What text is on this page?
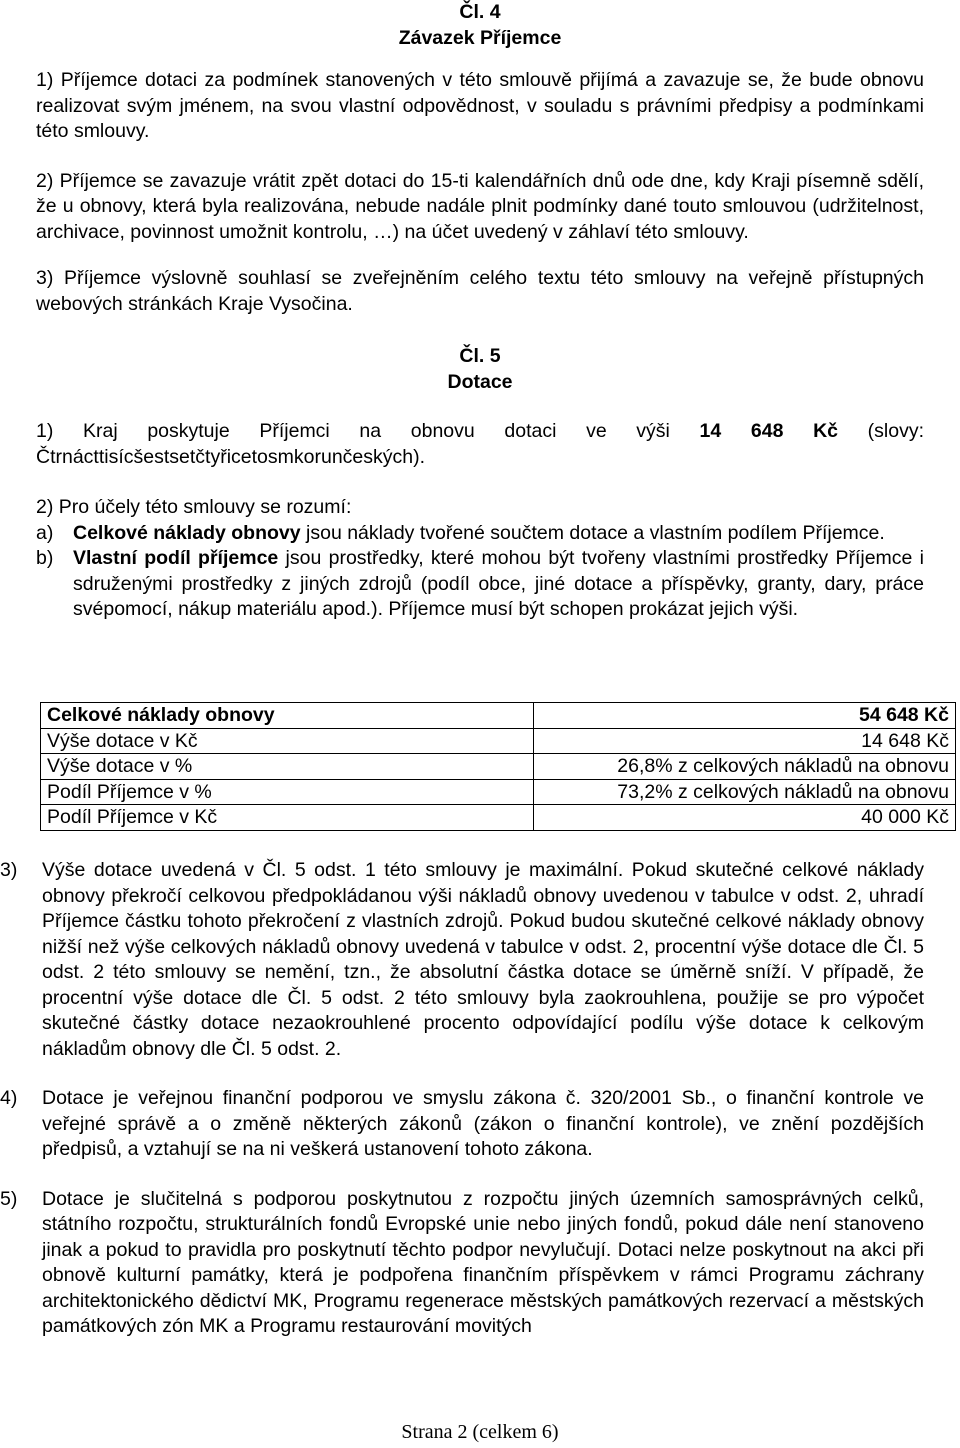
Čl. 4
Závazek Příjemce

1) Příjemce dotaci za podmínek stanovených v této smlouvě přijímá a zavazuje se, že bude obnovu realizovat svým jménem, na svou vlastní odpovědnost, v souladu s právními předpisy a podmínkami této smlouvy.

2) Příjemce se zavazuje vrátit zpět dotaci do 15-ti kalendářních dnů ode dne, kdy Kraji písemně sdělí, že u obnovy, která byla realizována, nebude nadále plnit podmínky dané touto smlouvou (udržitelnost, archivace, povinnost umožnit kontrolu, …) na účet uvedený v záhlaví této smlouvy.

3) Příjemce výslovně souhlasí se zveřejněním celého textu této smlouvy na veřejně přístupných webových stránkách Kraje Vysočina.

Čl. 5
Dotace

1) Kraj poskytuje Příjemci na obnovu dotaci ve výši 14 648 Kč (slovy:

Čtrnácttisícšestsetčtyřicetosmkorunčeských).

2) Pro účely této smlouvy se rozumí:

a)	Celkové náklady obnovy jsou náklady tvořené součtem dotace a vlastním podílem Příjemce.
b)	Vlastní podíl příjemce jsou prostředky, které mohou být tvořeny vlastními prostředky Příjemce i sdruženými prostředky z jiných zdrojů (podíl obce, jiné dotace a příspěvky, granty, dary, práce svépomocí, nákup materiálu apod.). Příjemce musí být schopen prokázat jejich výši.
Celkové náklady obnovy	54 648 Kč
Výše dotace v Kč	14 648 Kč
Výše dotace v %	26,8% z celkových nákladů na obnovu
Podíl Příjemce v %	73,2% z celkových nákladů na obnovu
Podíl Příjemce v Kč	40 000 Kč
3)	Výše dotace uvedená v Čl. 5 odst. 1 této smlouvy je maximální. Pokud skutečné celkové náklady obnovy překročí celkovou předpokládanou výši nákladů obnovy uvedenou v tabulce v odst. 2, uhradí Příjemce částku tohoto překročení z vlastních zdrojů. Pokud budou skutečné celkové náklady obnovy nižší než výše celkových nákladů obnovy uvedená v tabulce v odst. 2, procentní výše dotace dle Čl. 5 odst. 2 této smlouvy se nemění, tzn., že absolutní částka dotace se úměrně sníží. V případě, že procentní výše dotace dle Čl. 5 odst. 2 této smlouvy byla zaokrouhlena, použije se pro výpočet skutečné částky dotace nezaokrouhlené procento odpovídající podílu výše dotace k celkovým nákladům obnovy dle Čl. 5 odst. 2.
4)	Dotace je veřejnou finanční podporou ve smyslu zákona č. 320/2001 Sb., o finanční kontrole ve veřejné správě a o změně některých zákonů (zákon o finanční kontrole), ve znění pozdějších předpisů, a vztahují se na ni veškerá ustanovení tohoto zákona.
5)	Dotace je slučitelná s podporou poskytnutou z rozpočtu jiných územních samosprávných celků, státního rozpočtu, strukturálních fondů Evropské unie nebo jiných fondů, pokud dále není stanoveno jinak a pokud to pravidla pro poskytnutí těchto podpor nevylučují. Dotaci nelze poskytnout na akci při obnově kulturní památky, která je podpořena finančním příspěvkem v rámci Programu záchrany architektonického dědictví MK, Programu regenerace městských památkových rezervací a městských památkových zón MK a Programu restaurování movitých
Strana 2 (celkem 6)
